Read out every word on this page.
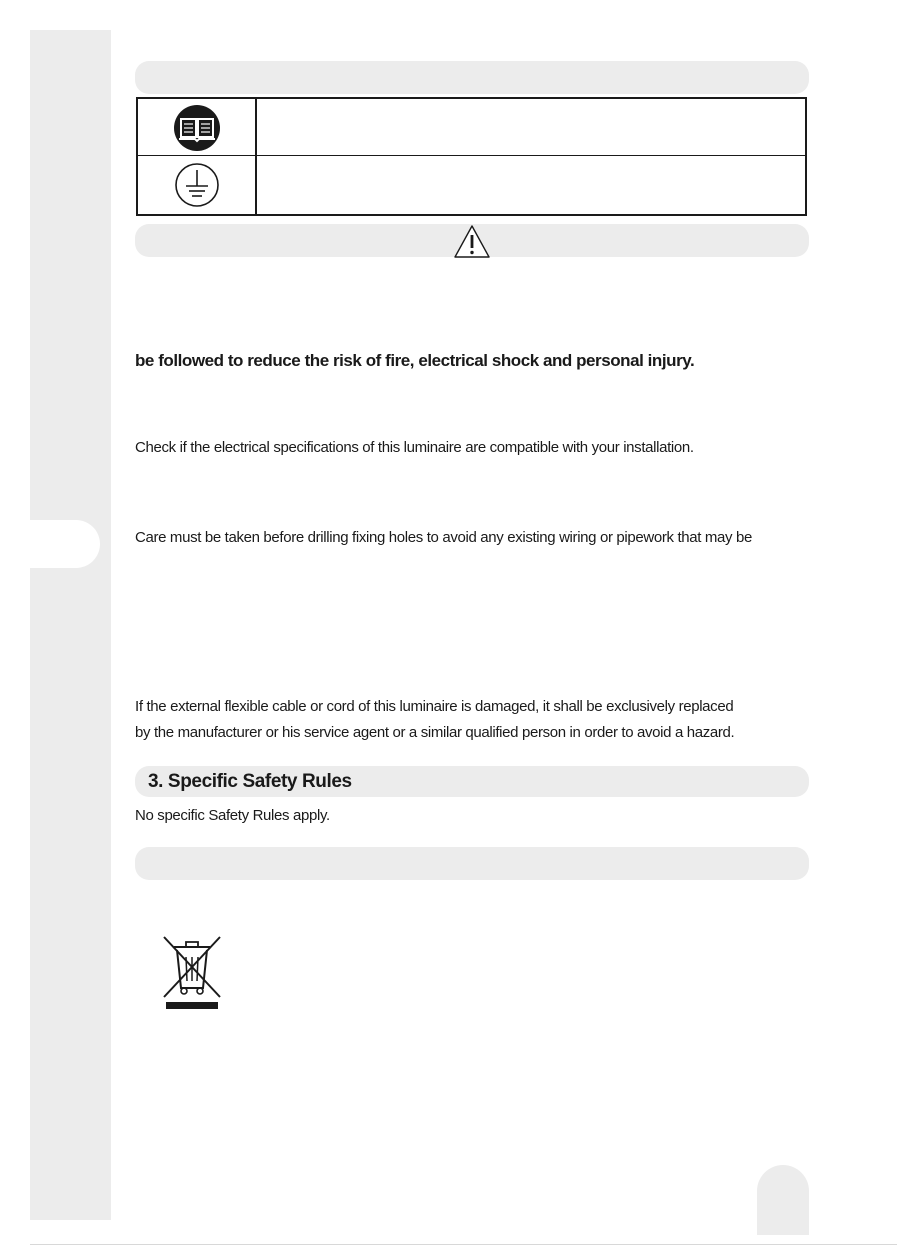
be followed to reduce the risk of fire, electrical shock and personal injury.
Check if the electrical specifications of this luminaire are compatible with your installation.
Care must be taken before drilling fixing holes to avoid any existing wiring or pipework that may be
If the external flexible cable or cord of this luminaire is damaged, it shall be exclusively replaced
by the manufacturer or his service agent or a similar qualified person in order to avoid a hazard.
3. Specific Safety Rules
No specific Safety Rules apply.
